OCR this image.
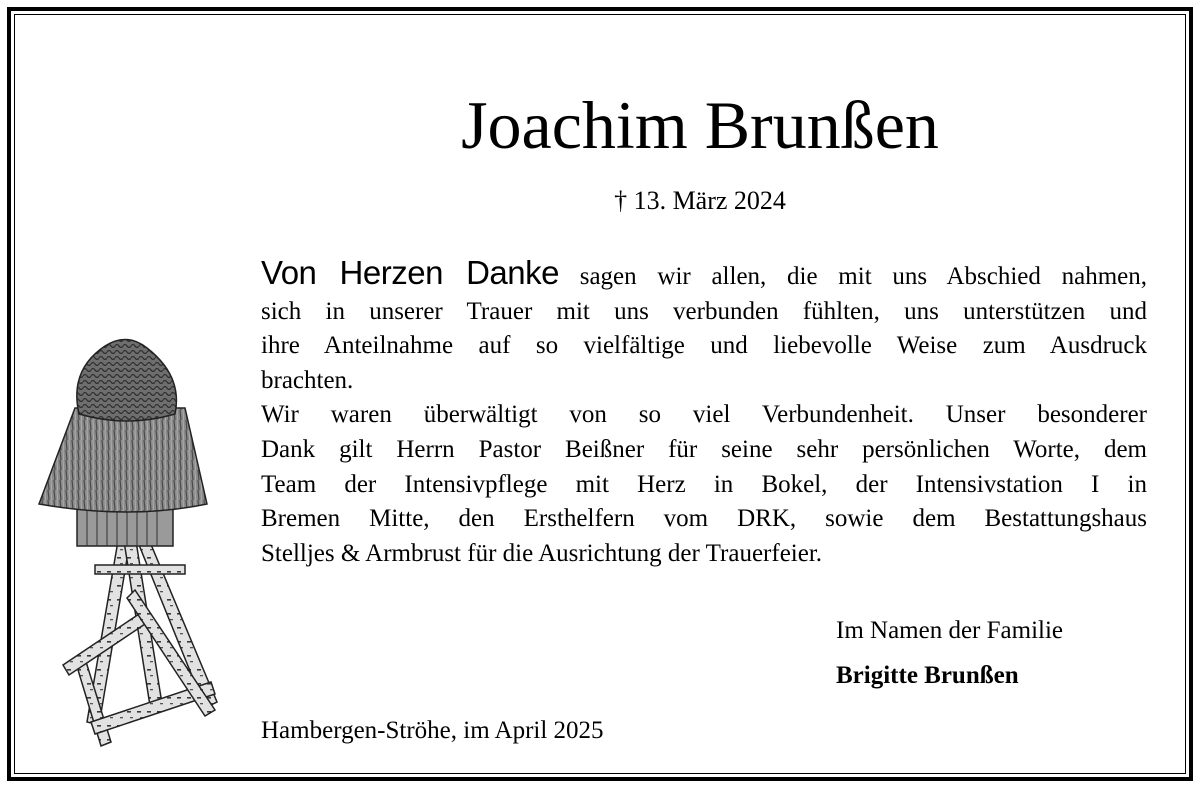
Joachim Brunßen
† 13. März 2024

Von Herzen Danke sagen wir allen, die mit uns Abschied nahmen,
sich in unserer Trauer mit uns verbunden fühlten, uns unterstützen und
ihre Anteilnahme auf so vielfältige und liebevolle Weise zum Ausdruck
brachten.

Wir waren überwältigt von so viel Verbundenheit. Unser besonderer
Dank gilt Herrn Pastor Beißner für seine sehr persönlichen Worte, dem
Team der Intensivpflege mit Herz in Bokel, der Intensivstation I in
Bremen Mitte, den Ersthelfern vom DRK, sowie dem Bestattungshaus
Stelljes & Armbrust für die Ausrichtung der Trauerfeier.

Im Namen der Familie
Brigitte Brunßen
Hambergen-Ströhe, im April 2025
